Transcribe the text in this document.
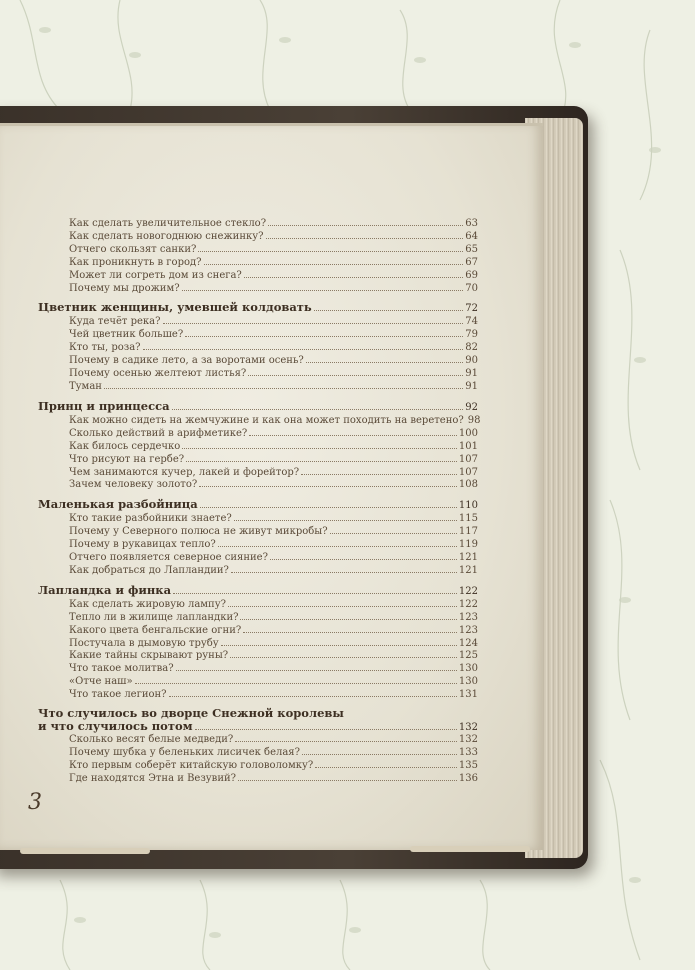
Как сделать увеличительное стекло?	63
Как сделать новогоднюю снежинку?	64
Отчего скользят санки?	65
Как проникнуть в город?	67
Может ли согреть дом из снега?	69
Почему мы дрожим?	70
Цветник женщины, умевшей колдовать	72
Куда течёт река?	74
Чей цветник больше?	79
Кто ты, роза?	82
Почему в садике лето, а за воротами осень?	90
Почему осенью желтеют листья?	91
Туман	91
Принц и принцесса	92
Как можно сидеть на жемчужине и как она может походить на веретено? 98
Сколько действий в арифметике?	100
Как билось сердечко	101
Что рисуют на гербе?	107
Чем занимаются кучер, лакей и форейтор?	107
Зачем человеку золото?	108
Маленькая разбойница	110
Кто такие разбойники знаете?	115
Почему у Северного полюса не живут микробы?	117
Почему в рукавицах тепло?	119
Отчего появляется северное сияние?	121
Как добраться до Лапландии?	121
Лапландка и финка	122
Как сделать жировую лампу?	122
Тепло ли в жилище лапландки?	123
Какого цвета бенгальские огни?	123
Постучала в дымовую трубу	124
Какие тайны скрывают руны?	125
Что такое молитва?	130
«Отче наш»	130
Что такое легион?	131
Что случилось во дворце Снежной королевы
и что случилось потом	132
Сколько весят белые медведи?	132
Почему шубка у беленьких лисичек белая?	133
Кто первым соберёт китайскую головоломку?	135
Где находятся Этна и Везувий?	136
3
